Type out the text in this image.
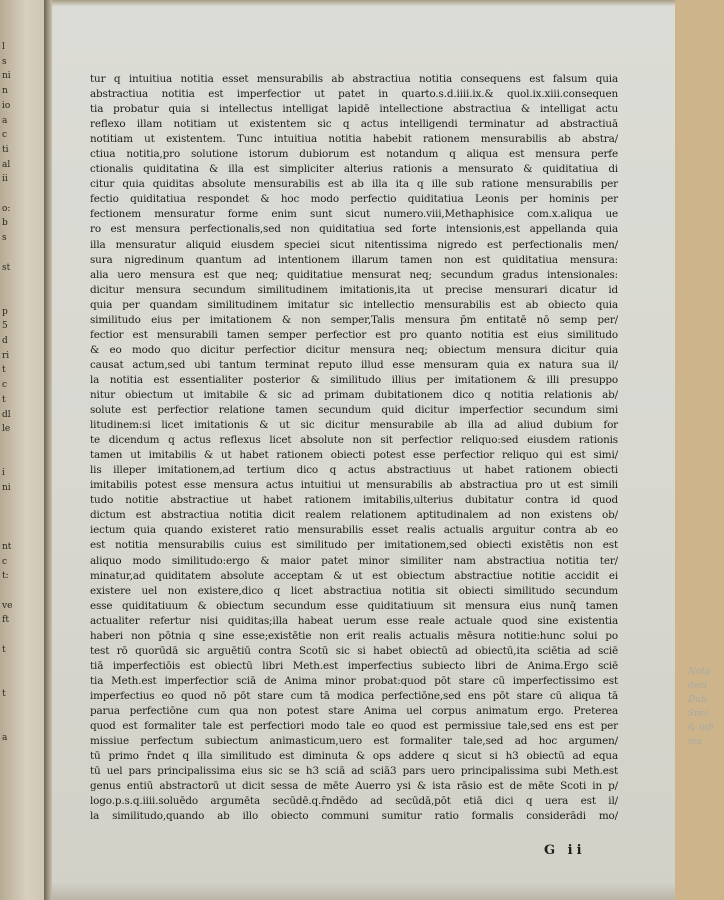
l
s
ni
n
io
a
c
ti
al
ii

o:
b
s

st

p
5
d
ri
t
c
t
dl
le

i
ni

nt
c
t:

ve
ft

t

t

a

tur q intuitiua notitia esset mensurabilis ab abstractiua notitia consequens est falsum quia
abstractiua notitia est imperfectior ut patet in quarto.s.d.iiii.ix.& quol.ix.xiii.consequen
tia probatur quia si intellectus intelligat lapidē intellectione abstractiua & intelligat actu
reflexo illam notitiam ut existentem sic q actus intelligendi terminatur ad abstractiuā
notitiam ut existentem. Tunc intuitiua notitia habebit rationem mensurabilis ab abstra/
ctiua notitia,pro solutione istorum dubiorum est notandum q aliqua est mensura perfe
ctionalis quiditatina & illa est simpliciter alterius rationis a mensurato & quiditatiua di
citur quia quiditas absolute mensurabilis est ab illa ita q ille sub ratione mensurabilis per
fectio quiditatiua respondet & hoc modo perfectio quiditatiua Leonis per hominis per
fectionem mensuratur forme enim sunt sicut numero.viii,Methaphisice com.x.aliqua ue
ro est mensura perfectionalis,sed non quiditatiua sed forte intensionis,est appellanda quia
illa mensuratur aliquid eiusdem speciei sicut nitentissima nigredo est perfectionalis men/
sura nigredinum quantum ad intentionem illarum tamen non est quiditatiua mensura:
alia uero mensura est que neq; quiditatiue mensurat neq; secundum gradus intensionales:
dicitur mensura secundum similitudinem imitationis,ita ut precise mensurari dicatur id
quia per quandam similitudinem imitatur sic intellectio mensurabilis est ab obiecto quia
similitudo eius per imitationem & non semper,Talis mensura p̄m entitatē nō semp per/
fectior est mensurabili tamen semper perfectior est pro quanto notitia est eius similitudo
& eo modo quo dicitur perfectior dicitur mensura neq; obiectum mensura dicitur quia
causat actum,sed ubi tantum terminat reputo illud esse mensuram quia ex natura sua il/
la notitia est essentialiter posterior & similitudo illius per imitationem & illi presuppo
nitur obiectum ut imitabile & sic ad primam dubitationem dico q notitia relationis ab/
solute est perfectior relatione tamen secundum quid dicitur imperfectior secundum simi
litudinem:si licet imitationis & ut sic dicitur mensurabile ab illa ad aliud dubium for
te dicendum q actus reflexus licet absolute non sit perfectior reliquo:sed eiusdem rationis
tamen ut imitabilis & ut habet rationem obiecti potest esse perfectior reliquo qui est simi/
lis illeper imitationem,ad tertium dico q actus abstractiuus ut habet rationem obiecti
imitabilis potest esse mensura actus intuitiui ut mensurabilis ab abstractiua pro ut est simili
tudo notitie abstractiue ut habet rationem imitabilis,ulterius dubitatur contra id quod
dictum est abstractiua notitia dicit realem relationem aptitudinalem ad non existens ob/
iectum quia quando existeret ratio mensurabilis esset realis actualis arguitur contra ab eo
est notitia mensurabilis cuius est similitudo per imitationem,sed obiecti existētis non est
aliquo modo similitudo:ergo & maior patet minor similiter nam abstractiua notitia ter/
minatur,ad quiditatem absolute acceptam & ut est obiectum abstractiue notitie accidit ei
existere uel non existere,dico q licet abstractiua notitia sit obiecti similitudo secundum
esse quiditatiuum & obiectum secundum esse quiditatiuum sit mensura eius nunq̄ tamen
actualiter refertur nisi quiditas;illa habeat uerum esse reale actuale quod sine existentia
haberi non pōtnia q sine esse;existētie non erit realis actualis mēsura notitie:hunc solui po
test rō quorūdā sic arguētiū contra Scotū sic si habet obiectū ad obiectū,ita sciētia ad sciē
tiā imperfectiōis est obiectū libri Meth.est imperfectius subiecto libri de Anima.Ergo sciē
tia Meth.est imperfectior sciā de Anima minor probat:quod pōt stare cū imperfectissimo est
imperfectius eo quod nō pōt stare cum tā modica perfectiōne,sed ens pōt stare cū aliqua tā
parua perfectiōne cum qua non potest stare Anima uel corpus animatum ergo. Preterea
quod est formaliter tale est perfectiori modo tale eo quod est permissiue tale,sed ens est per
missiue perfectum subiectum animasticum,uero est formaliter tale,sed ad hoc argumen/
tū primo r̄ndet q illa similitudo est diminuta & ops addere q sicut si h3 obiectū ad equa
tū uel pars principalissima eius sic se h3 sciā ad sciā3 pars uero principalissima subi Meth.est
genus entiū abstractorū ut dicit sessa de mēte Auerro ysi & ista rāsio est de mēte Scoti in p/
logo.p.s.q.iiii.soluēdo argumēta secūdē.q.r̄ndēdo ad secūdā,pōt etiā dici q uera est il/
la similitudo,quando ab illo obiecto communi sumitur ratio formalis considerādi mo/
G ii
Nota
deci
Dub
Simi
& infi
ma
